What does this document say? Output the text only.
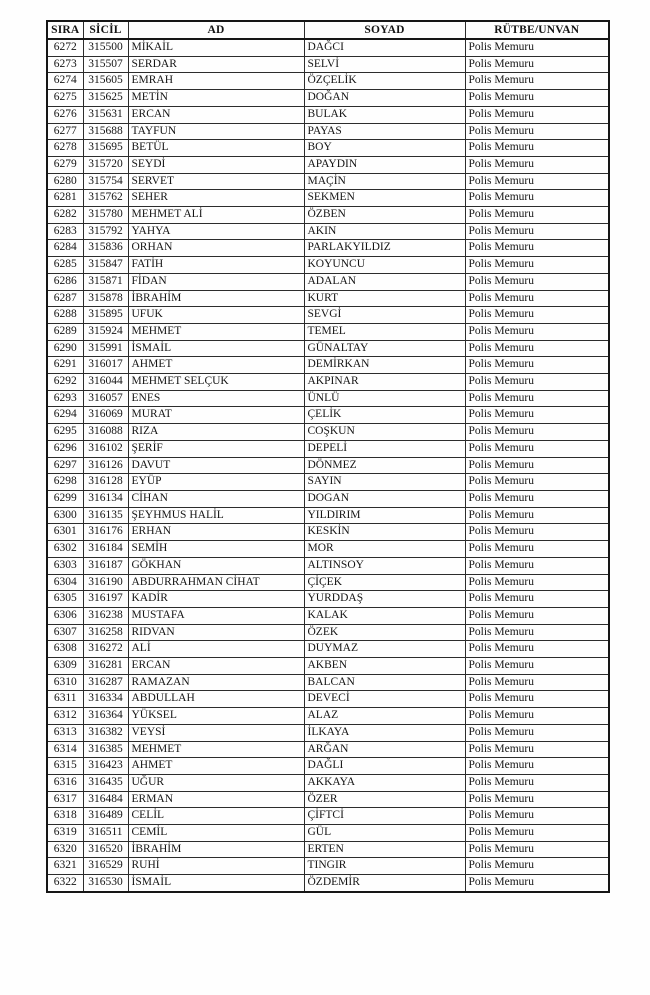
SIRA	SİCİL	AD	SOYAD	RÜTBE/UNVAN
6272	315500	MİKAİL	DAĞCI	Polis Memuru
6273	315507	SERDAR	SELVİ	Polis Memuru
6274	315605	EMRAH	ÖZÇELİK	Polis Memuru
6275	315625	METİN	DOĞAN	Polis Memuru
6276	315631	ERCAN	BULAK	Polis Memuru
6277	315688	TAYFUN	PAYAS	Polis Memuru
6278	315695	BETÜL	BOY	Polis Memuru
6279	315720	SEYDİ	APAYDIN	Polis Memuru
6280	315754	SERVET	MAÇİN	Polis Memuru
6281	315762	SEHER	SEKMEN	Polis Memuru
6282	315780	MEHMET ALİ	ÖZBEN	Polis Memuru
6283	315792	YAHYA	AKIN	Polis Memuru
6284	315836	ORHAN	PARLAKYILDIZ	Polis Memuru
6285	315847	FATİH	KOYUNCU	Polis Memuru
6286	315871	FİDAN	ADALAN	Polis Memuru
6287	315878	İBRAHİM	KURT	Polis Memuru
6288	315895	UFUK	SEVGİ	Polis Memuru
6289	315924	MEHMET	TEMEL	Polis Memuru
6290	315991	İSMAİL	GÜNALTAY	Polis Memuru
6291	316017	AHMET	DEMİRKAN	Polis Memuru
6292	316044	MEHMET SELÇUK	AKPINAR	Polis Memuru
6293	316057	ENES	ÜNLÜ	Polis Memuru
6294	316069	MURAT	ÇELİK	Polis Memuru
6295	316088	RIZA	COŞKUN	Polis Memuru
6296	316102	ŞERİF	DEPELİ	Polis Memuru
6297	316126	DAVUT	DÖNMEZ	Polis Memuru
6298	316128	EYÜP	SAYIN	Polis Memuru
6299	316134	CİHAN	DOGAN	Polis Memuru
6300	316135	ŞEYHMUS HALİL	YILDIRIM	Polis Memuru
6301	316176	ERHAN	KESKİN	Polis Memuru
6302	316184	SEMİH	MOR	Polis Memuru
6303	316187	GÖKHAN	ALTINSOY	Polis Memuru
6304	316190	ABDURRAHMAN CİHAT	ÇİÇEK	Polis Memuru
6305	316197	KADİR	YURDDAŞ	Polis Memuru
6306	316238	MUSTAFA	KALAK	Polis Memuru
6307	316258	RIDVAN	ÖZEK	Polis Memuru
6308	316272	ALİ	DUYMAZ	Polis Memuru
6309	316281	ERCAN	AKBEN	Polis Memuru
6310	316287	RAMAZAN	BALCAN	Polis Memuru
6311	316334	ABDULLAH	DEVECİ	Polis Memuru
6312	316364	YÜKSEL	ALAZ	Polis Memuru
6313	316382	VEYSİ	İLKAYA	Polis Memuru
6314	316385	MEHMET	ARĞAN	Polis Memuru
6315	316423	AHMET	DAĞLI	Polis Memuru
6316	316435	UĞUR	AKKAYA	Polis Memuru
6317	316484	ERMAN	ÖZER	Polis Memuru
6318	316489	CELİL	ÇİFTCİ	Polis Memuru
6319	316511	CEMİL	GÜL	Polis Memuru
6320	316520	İBRAHİM	ERTEN	Polis Memuru
6321	316529	RUHİ	TINGIR	Polis Memuru
6322	316530	İSMAİL	ÖZDEMİR	Polis Memuru
